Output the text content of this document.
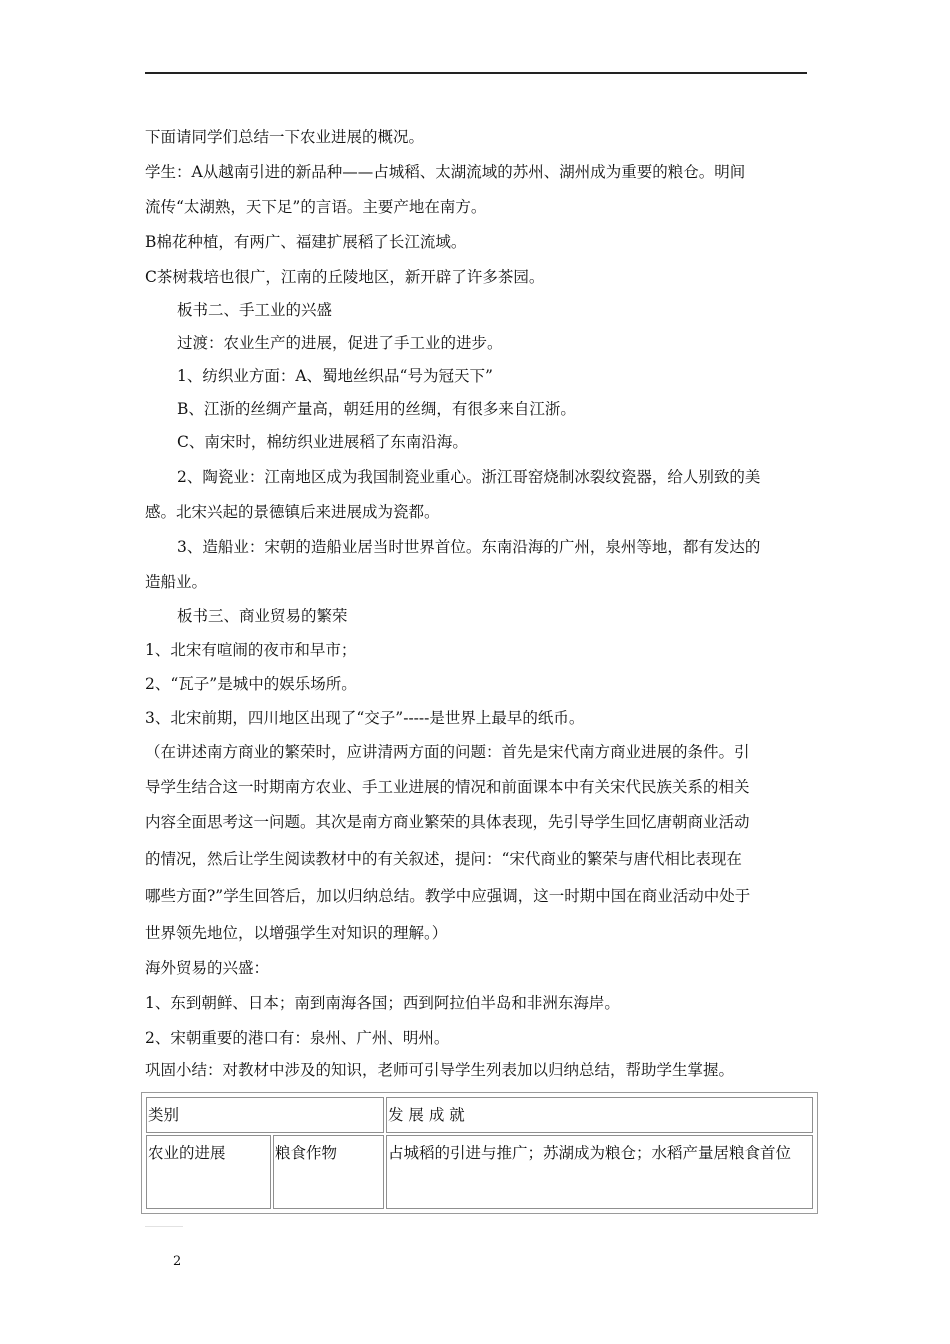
下面请同学们总结一下农业进展的概况。
学生：A从越南引进的新品种——占城稻、太湖流域的苏州、湖州成为重要的粮仓。明间
流传“太湖熟，天下足”的言语。主要产地在南方。
B棉花种植，有两广、福建扩展稻了长江流域。
C茶树栽培也很广，江南的丘陵地区，新开辟了许多茶园。
板书二、手工业的兴盛
过渡：农业生产的进展，促进了手工业的进步。
1、纺织业方面：A、蜀地丝织品“号为冠天下”
B、江浙的丝绸产量高，朝廷用的丝绸，有很多来自江浙。
C、南宋时，棉纺织业进展稻了东南沿海。
2、陶瓷业：江南地区成为我国制瓷业重心。浙江哥窑烧制冰裂纹瓷器，给人别致的美
感。北宋兴起的景德镇后来进展成为瓷都。
3、造船业：宋朝的造船业居当时世界首位。东南沿海的广州，泉州等地，都有发达的
造船业。
板书三、商业贸易的繁荣
1、北宋有喧闹的夜市和早市；
2、“瓦子”是城中的娱乐场所。
3、北宋前期，四川地区出现了“交子”-----是世界上最早的纸币。
（在讲述南方商业的繁荣时，应讲清两方面的问题：首先是宋代南方商业进展的条件。引
导学生结合这一时期南方农业、手工业进展的情况和前面课本中有关宋代民族关系的相关
内容全面思考这一问题。其次是南方商业繁荣的具体表现，先引导学生回忆唐朝商业活动
的情况，然后让学生阅读教材中的有关叙述，提问：“宋代商业的繁荣与唐代相比表现在
哪些方面?”学生回答后，加以归纳总结。教学中应强调，这一时期中国在商业活动中处于
世界领先地位，以增强学生对知识的理解。）
海外贸易的兴盛：
1、东到朝鲜、日本；南到南海各国；西到阿拉伯半岛和非洲东海岸。
2、宋朝重要的港口有：泉州、广州、明州。
巩固小结：对教材中涉及的知识，老师可引导学生列表加以归纳总结，帮助学生掌握。
类别		发 展 成 就
农业的进展	粮食作物	占城稻的引进与推广；苏湖成为粮仓；水稻产量居粮食首位
2
